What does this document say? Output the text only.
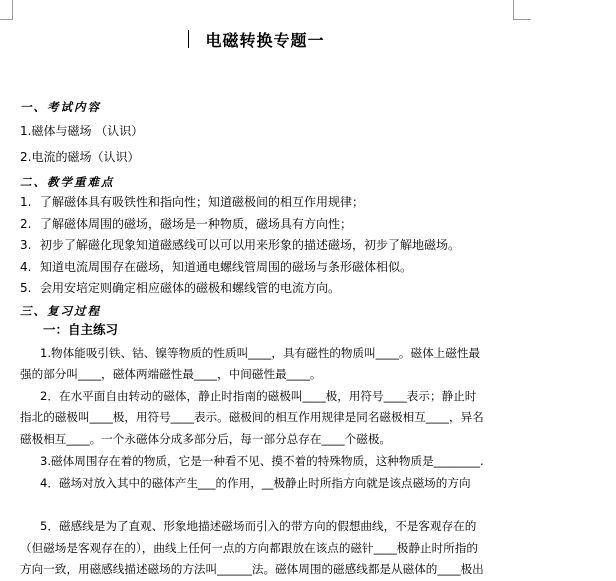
电磁转换专题一
一、考试内容
1.磁体与磁场 （认识）
2.电流的磁场（认识）
二、教学重难点
1. 了解磁体具有吸铁性和指向性；知道磁极间的相互作用规律；
2. 了解磁体周围的磁场，磁场是一种物质，磁场具有方向性；
3. 初步了解磁化现象知道磁感线可以可以用来形象的描述磁场，初步了解地磁场。
4. 知道电流周围存在磁场，知道通电螺线管周围的磁场与条形磁体相似。
5. 会用安培定则确定相应磁体的磁极和螺线管的电流方向。
三、复习过程
一：自主练习
1.物体能吸引铁、钴、镍等物质的性质叫____，具有磁性的物质叫____。磁体上磁性最
强的部分叫____，磁体两端磁性最____，中间磁性最____。
2．在水平面自由转动的磁体，静止时指南的磁极叫____极，用符号____表示；静止时
指北的磁极叫____极，用符号____表示。磁极间的相互作用规律是同名磁极相互____，异名
磁极相互____。一个永磁体分成多部分后，每一部分总存在____个磁极。
3.磁体周围存在着的物质，它是一种看不见、摸不着的特殊物质，这种物质是________.
4．磁场对放入其中的磁体产生___的作用，__极静止时所指方向就是该点磁场的方向
5．磁感线是为了直观、形象地描述磁场而引入的带方向的假想曲线，不是客观存在的
（但磁场是客观存在的），曲线上任何一点的方向都跟放在该点的磁针____极静止时所指的
方向一致，用磁感线描述磁场的方法叫______法。磁体周围的磁感线都是从磁体的____极出
